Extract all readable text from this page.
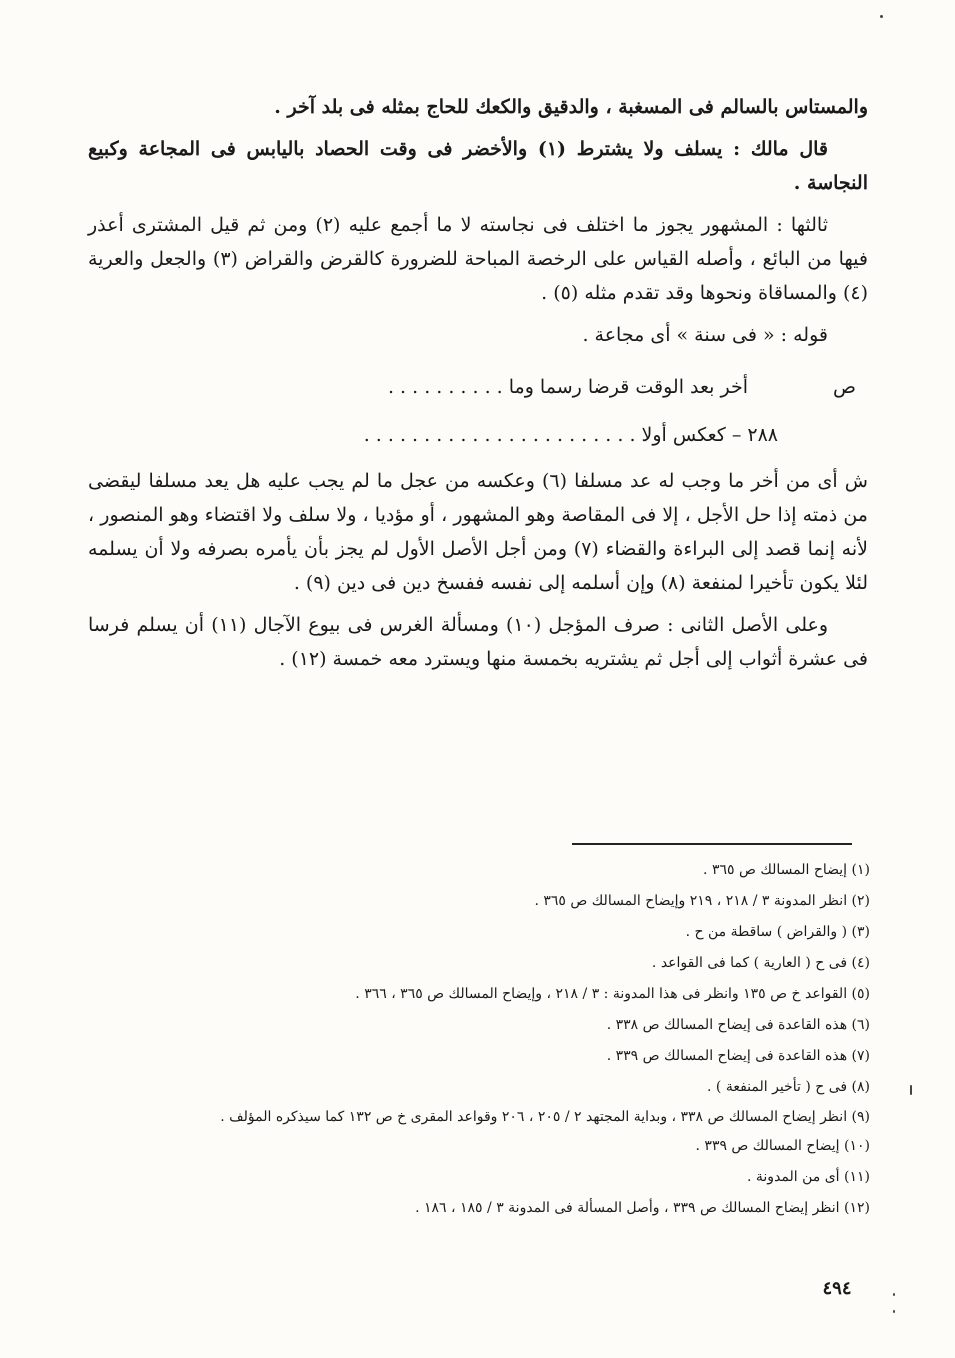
والمستاس بالسالم فى المسغبة ، والدقيق والكعك للحاج بمثله فى بلد آخر .

قال مالك : يسلف ولا يشترط (١) والأخضر فى وقت الحصاد باليابس فى المجاعة وكبيع النجاسة .

ثالثها : المشهور يجوز ما اختلف فى نجاسته لا ما أجمع عليه (٢) ومن ثم قيل المشترى أعذر فيها من البائع ، وأصله القياس على الرخصة المباحة للضرورة كالقرض والقراض (٣) والجعل والعرية (٤) والمساقاة ونحوها وقد تقدم مثله (٥) .

قوله : « فى سنة » أى مجاعة .

ص
أخر بعد الوقت قرضا رسما وما . . . . . . . . . .
٢٨٨ – كعكس أولا . . . . . . . . . . . . . . . . . . . . . . .

ش أى من أخر ما وجب له عد مسلفا (٦) وعكسه من عجل ما لم يجب عليه هل يعد مسلفا ليقضى من ذمته إذا حل الأجل ، إلا فى المقاصة وهو المشهور ، أو مؤديا ، ولا سلف ولا اقتضاء وهو المنصور ، لأنه إنما قصد إلى البراءة والقضاء (٧) ومن أجل الأصل الأول لم يجز بأن يأمره بصرفه ولا أن يسلمه لئلا يكون تأخيرا لمنفعة (٨) وإن أسلمه إلى نفسه ففسخ دين فى دين (٩) .

وعلى الأصل الثانى : صرف المؤجل (١٠) ومسألة الغرس فى بيوع الآجال (١١) أن يسلم فرسا فى عشرة أثواب إلى أجل ثم يشتريه بخمسة منها ويسترد معه خمسة (١٢) .

(١) إيضاح المسالك ص ٣٦٥ .
(٢) انظر المدونة ٣ / ٢١٨ ، ٢١٩ وإيضاح المسالك ص ٣٦٥ .
(٣) ( والقراض ) ساقطة من ح .
(٤) فى ح ( العارية ) كما فى القواعد .
(٥) القواعد خ ص ١٣٥ وانظر فى هذا المدونة : ٣ / ٢١٨ ، وإيضاح المسالك ص ٣٦٥ ، ٣٦٦ .
(٦) هذه القاعدة فى إيضاح المسالك ص ٣٣٨ .
(٧) هذه القاعدة فى إيضاح المسالك ص ٣٣٩ .
(٨) فى ح ( تأخير المنفعة ) .
(٩) انظر إيضاح المسالك ص ٣٣٨ ، وبداية المجتهد ٢ / ٢٠٥ ، ٢٠٦ وقواعد المقرى خ ص ١٣٢ كما سيذكره المؤلف .
(١٠) إيضاح المسالك ص ٣٣٩ .
(١١) أى من المدونة .
(١٢) انظر إيضاح المسالك ص ٣٣٩ ، وأصل المسألة فى المدونة ٣ / ١٨٥ ، ١٨٦ .
٤٩٤
